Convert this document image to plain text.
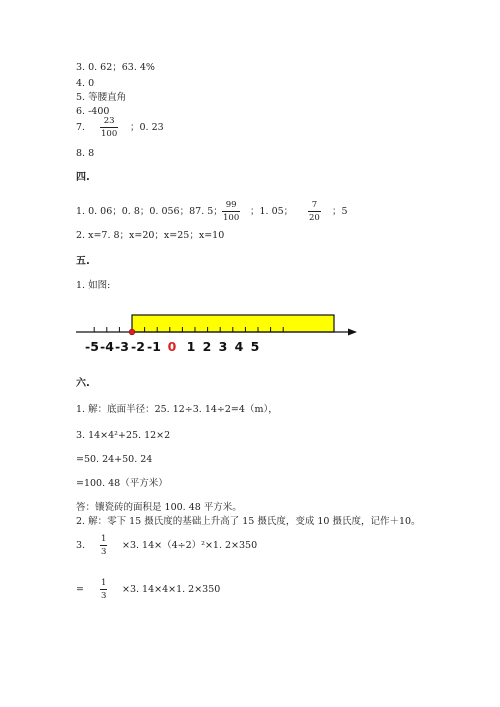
3. 0. 62；63. 4%
4. 0
5. 等腰直角
6. -400
7.
23
100
；0. 23
8. 8
四.
1. 0. 06；0. 8；0. 056；87. 5；
99
100
；1. 05；
7
20
；5
2. x=7. 8；x=20；x=25；x=10
五.
1. 如图:
-5 -4 -3 -2 -1 0 1 2 3 4 5
六.
1. 解：底面半径：25. 12÷3. 14÷2=4（m），
3. 14×4²+25. 12×2
=50. 24+50. 24
=100. 48（平方米）
答：镶瓷砖的面积是 100. 48 平方米。
2. 解：零下 15 摄氏度的基础上升高了 15 摄氏度，变成 10 摄氏度，记作＋10。
3.
1
3
×3. 14×（4÷2）²×1. 2×350
=
1
3
×3. 14×4×1. 2×350
